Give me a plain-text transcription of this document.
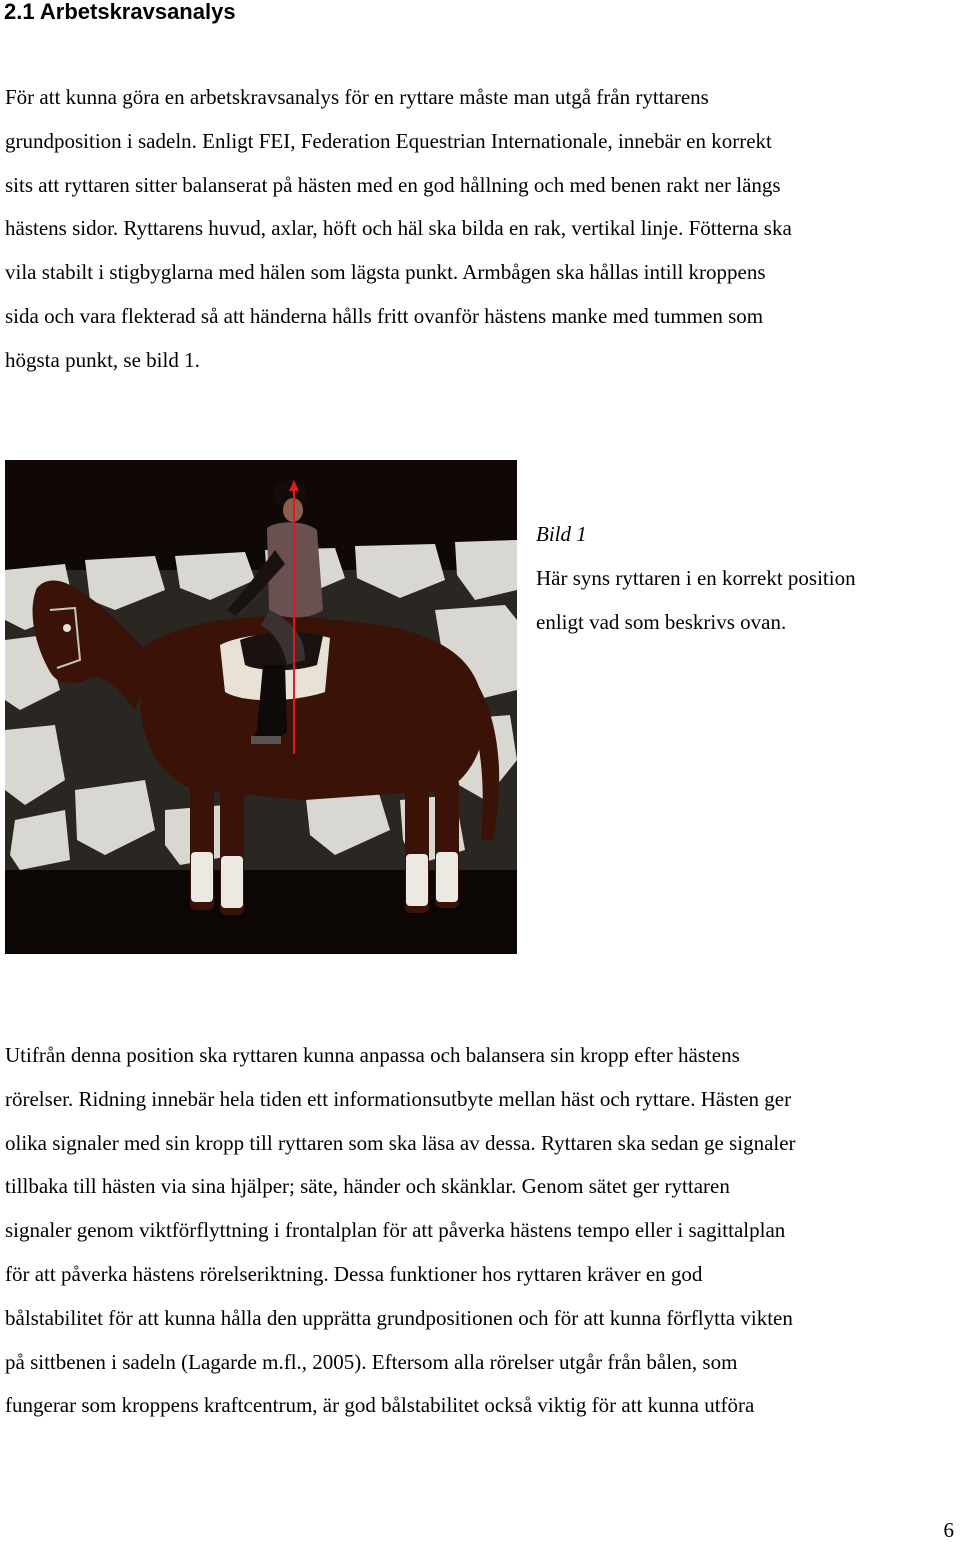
2.1 Arbetskravsanalys

För att kunna göra en arbetskravsanalys för en ryttare måste man utgå från ryttarens
grundposition i sadeln. Enligt FEI, Federation Equestrian Internationale, innebär en korrekt
sits att ryttaren sitter balanserat på hästen med en god hållning och med benen rakt ner längs
hästens sidor. Ryttarens huvud, axlar, höft och häl ska bilda en rak, vertikal linje. Fötterna ska
vila stabilt i stigbyglarna med hälen som lägsta punkt. Armbågen ska hållas intill kroppens
sida och vara flekterad så att händerna hålls fritt ovanför hästens manke med tummen som
högsta punkt, se bild 1.

Bild 1
Här syns ryttaren i en korrekt position
enligt vad som beskrivs ovan.

Utifrån denna position ska ryttaren kunna anpassa och balansera sin kropp efter hästens
rörelser. Ridning innebär hela tiden ett informationsutbyte mellan häst och ryttare. Hästen ger
olika signaler med sin kropp till ryttaren som ska läsa av dessa. Ryttaren ska sedan ge signaler
tillbaka till hästen via sina hjälper; säte, händer och skänklar. Genom sätet ger ryttaren
signaler genom viktförflyttning i frontalplan för att påverka hästens tempo eller i sagittalplan
för att påverka hästens rörelseriktning. Dessa funktioner hos ryttaren kräver en god
bålstabilitet för att kunna hålla den upprätta grundpositionen och för att kunna förflytta vikten
på sittbenen i sadeln (Lagarde m.fl., 2005). Eftersom alla rörelser utgår från bålen, som
fungerar som kroppens kraftcentrum, är god bålstabilitet också viktig för att kunna utföra

6
